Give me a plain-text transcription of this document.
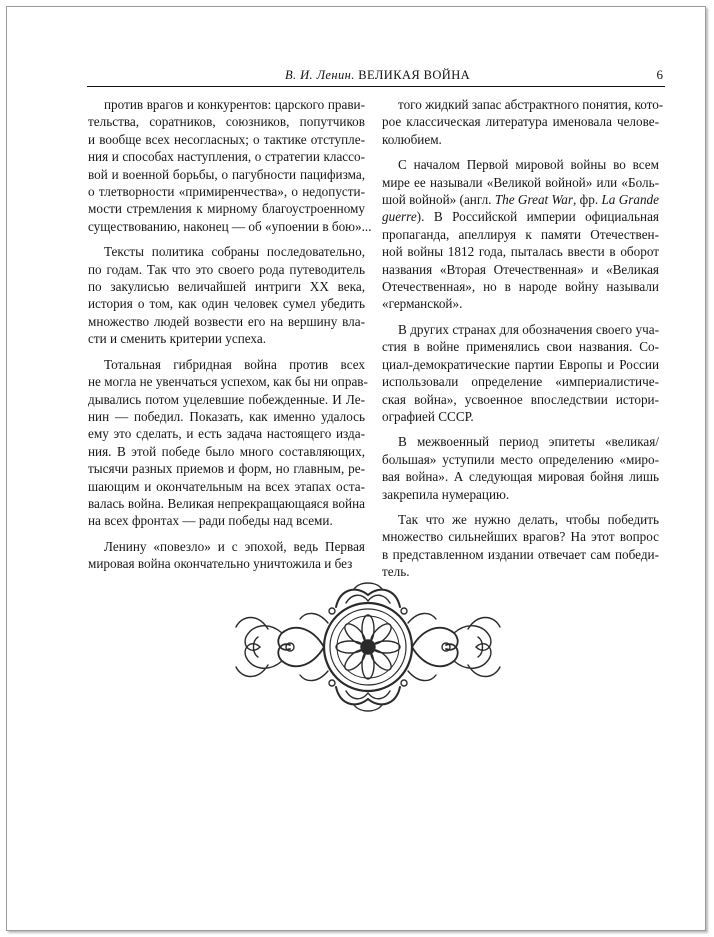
В. И. Ленин. ВЕЛИКАЯ ВОЙНА	6

против врагов и конкурентов: царского прави-
тельства, соратников, союзников, попутчиков
и вообще всех несогласных; о тактике отступле-
ния и способах наступления, о стратегии классо-
вой и военной борьбы, о пагубности пацифизма,
о тлетворности «примиренчества», о недопусти-
мости стремления к мирному благоустроенному
существованию, наконец — об «упоении в бою»...

Тексты политика собраны последовательно,
по годам. Так что это своего рода путеводитель
по закулисью величайшей интриги XX века,
история о том, как один человек сумел убедить
множество людей возвести его на вершину вла-
сти и сменить критерии успеха.

Тотальная гибридная война против всех
не могла не увенчаться успехом, как бы ни оправ-
дывались потом уцелевшие побежденные. И Ле-
нин — победил. Показать, как именно удалось
ему это сделать, и есть задача настоящего изда-
ния. В этой победе было много составляющих,
тысячи разных приемов и форм, но главным, ре-
шающим и окончательным на всех этапах оста-
валась война. Великая непрекращающаяся война
на всех фронтах — ради победы над всеми.

Ленину «повезло» и с эпохой, ведь Первая
мировая война окончательно уничтожила и без

того жидкий запас абстрактного понятия, кото-
рое классическая литература именовала челове-
колюбием.

С началом Первой мировой войны во всем
мире ее называли «Великой войной» или «Боль-
шой войной» (англ. The Great War, фр. La Grande
guerre). В Российской империи официальная
пропаганда, апеллируя к памяти Отечествен-
ной войны 1812 года, пыталась ввести в оборот
названия «Вторая Отечественная» и «Великая
Отечественная», но в народе войну называли
«германской».

В других странах для обозначения своего уча-
стия в войне применялись свои названия. Со-
циал-демократические партии Европы и России
использовали определение «империалистиче-
ская война», усвоенное впоследствии истори-
ографией СССР.

В межвоенный период эпитеты «великая/
большая» уступили место определению «миро-
вая война». А следующая мировая бойня лишь
закрепила нумерацию.

Так что же нужно делать, чтобы победить
множество сильнейших врагов? На этот вопрос
в представленном издании отвечает сам победи-
тель.
